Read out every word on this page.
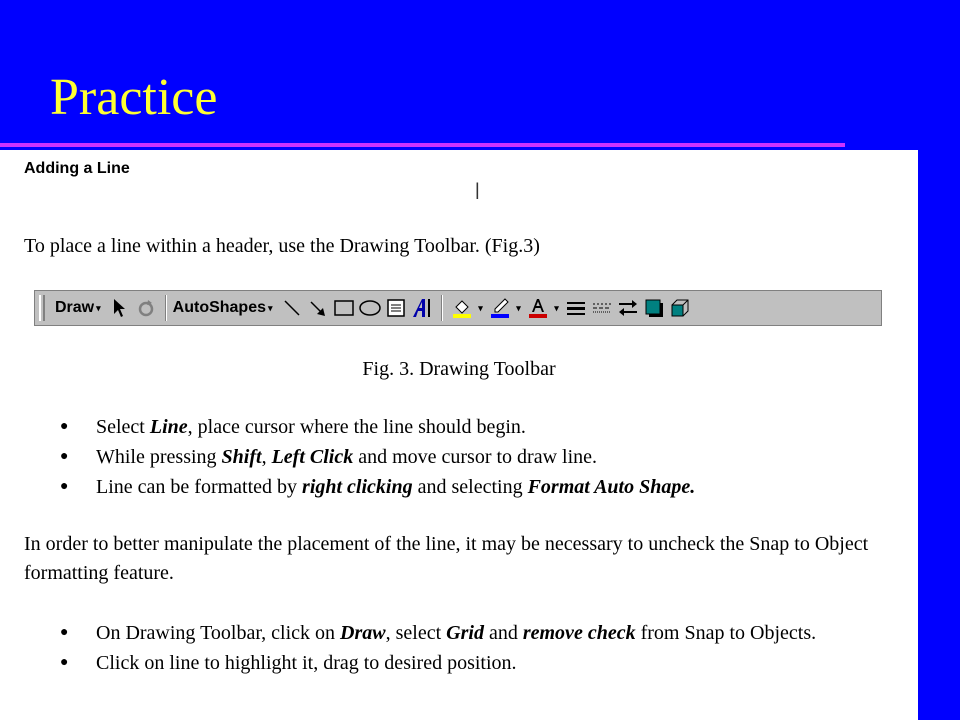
Practice
Adding a Line
I
To place a line within a header, use the Drawing Toolbar. (Fig.3)
Draw ▾	AutoShapes ▾	▾	▾	▾
Fig. 3. Drawing Toolbar
● Select Line, place cursor where the line should begin.
● While pressing Shift, Left Click and move cursor to draw line.
● Line can be formatted by right clicking and selecting Format Auto Shape.
In order to better manipulate the placement of the line, it may be necessary to uncheck the Snap to Object formatting feature.
● On Drawing Toolbar, click on Draw, select Grid and remove check from Snap to Objects.
● Click on line to highlight it, drag to desired position.
